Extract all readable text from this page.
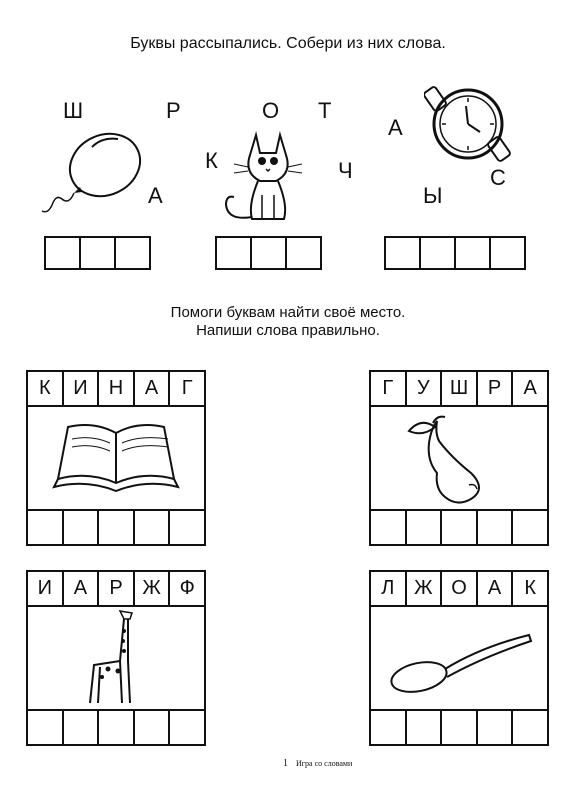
Буквы рассыпались. Собери из них слова.
Ш	Р
А
О
К
Т
Ч
А
Ы
С
Помоги буквам найти своё место.
Напиши слова правильно.
К	И	Н	А	Г	Г	У	Ш Р	А
И	А	Р Ж Ф	Л Ж О	А	К
1 Игра со словами
